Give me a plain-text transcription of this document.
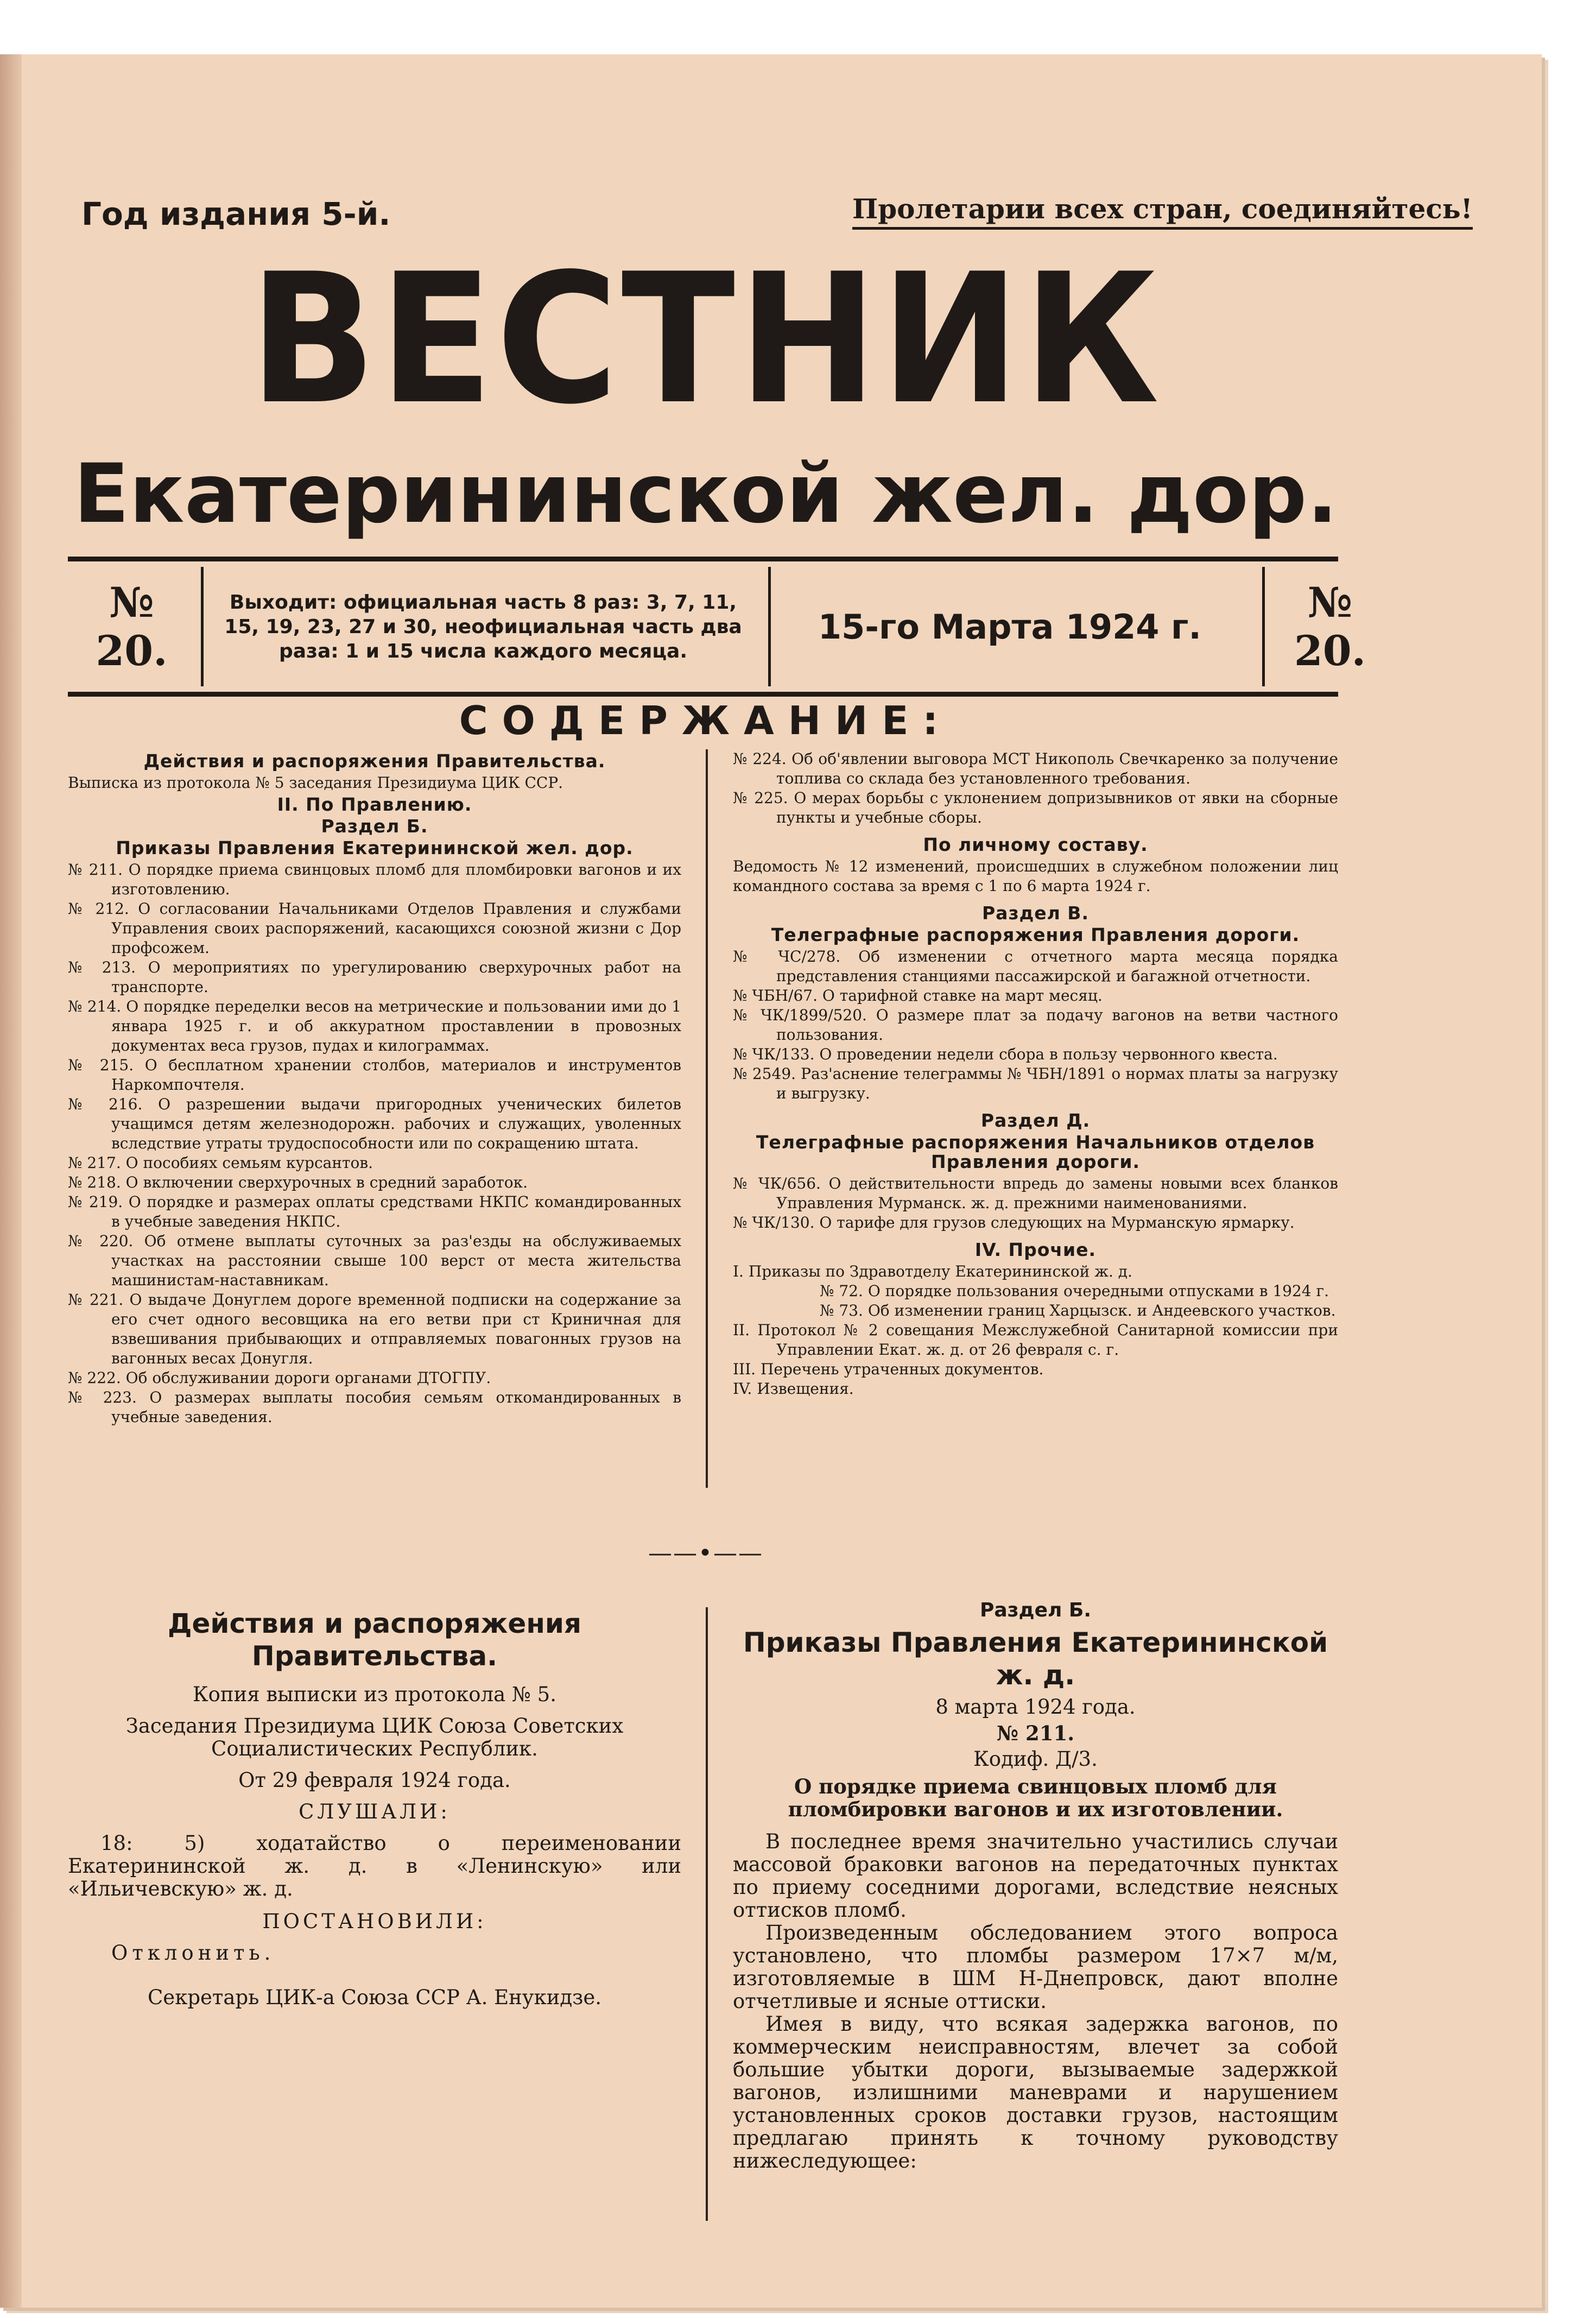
Год издания 5-й.	Пролетарии всех стран, соединяйтесь!
ВЕСТНИК
Екатерининской жел. дор.
№ 20.
Выходит: официальная часть 8 раз: 3, 7, 11, 15, 19, 23, 27 и 30, неофициальная часть два раза: 1 и 15 числа каждого месяца.
15-го Марта 1924 г.	№ 20.
СОДЕРЖАНИЕ:
Действия и распоряжения Правительства.
Выписка из протокола № 5 заседания Президиума ЦИК ССР.
II. По Правлению.
Раздел Б.
Приказы Правления Екатерининской жел. дор.
№ 211. О порядке приема свинцовых пломб для пломбировки вагонов и их изготовлению.
№ 212. О согласовании Начальниками Отделов Правления и службами Управления своих распоряжений, касающихся союзной жизни с Дор профсожем.
№ 213. О мероприятиях по урегулированию сверхурочных работ на транспорте.
№ 214. О порядке переделки весов на метрические и пользовании ими до 1 январа 1925 г. и об аккуратном проставлении в провозных документах веса грузов, пудах и килограммах.
№ 215. О бесплатном хранении столбов, материалов и инструментов Наркомпочтеля.
№ 216. О разрешении выдачи пригородных ученических билетов учащимся детям железнодорожн. рабочих и служащих, уволенных вследствие утраты трудоспособности или по сокращению штата.
№ 217. О пособиях семьям курсантов.
№ 218. О включении сверхурочных в средний заработок.
№ 219. О порядке и размерах оплаты средствами НКПС командированных в учебные заведения НКПС.
№ 220. Об отмене выплаты суточных за раз'езды на обслуживаемых участках на расстоянии свыше 100 верст от места жительства машинистам-наставникам.
№ 221. О выдаче Донуглем дороге временной подписки на содержание за его счет одного весовщика на его ветви при ст Криничная для взвешивания прибывающих и отправляемых повагонных грузов на вагонных весах Донугля.
№ 222. Об обслуживании дороги органами ДТОГПУ.
№ 223. О размерах выплаты пособия семьям откомандированных в учебные заведения.
№ 224. Об об'явлении выговора МСТ Никополь Свечкаренко за получение топлива со склада без установленного требования.
№ 225. О мерах борьбы с уклонением допризывников от явки на сборные пункты и учебные сборы.
По личному составу.
Ведомость № 12 изменений, происшедших в служебном положении лиц командного состава за время с 1 по 6 марта 1924 г.
Раздел В.
Телеграфные распоряжения Правления дороги.
№ ЧС/278. Об изменении с отчетного марта месяца порядка представления станциями пассажирской и багажной отчетности.
№ ЧБН/67. О тарифной ставке на март месяц.
№ ЧК/1899/520. О размере плат за подачу вагонов на ветви частного пользования.
№ ЧК/133. О проведении недели сбора в пользу червонного квеста.
№ 2549. Раз'аснение телеграммы № ЧБН/1891 о нормах платы за нагрузку и выгрузку.
Раздел Д.
Телеграфные распоряжения Начальников отделов Правления дороги.
№ ЧК/656. О действительности впредь до замены новыми всех бланков Управления Мурманск. ж. д. прежними наименованиями.
№ ЧК/130. О тарифе для грузов следующих на Мурманскую ярмарку.
IV. Прочие.
I. Приказы по Здравотделу Екатерининской ж. д.
№ 72. О порядке пользования очередными отпусками в 1924 г.
№ 73. Об изменении границ Харцызск. и Андеевского участков.
II. Протокол № 2 совещания Межслужебной Санитарной комиссии при Управлении Екат. ж. д. от 26 февраля с. г.
III. Перечень утраченных документов.
IV. Извещения.
——•——
Действия и распоряжения Правительства.
Копия выписки из протокола № 5.
Заседания Президиума ЦИК Союза Советских Социалистических Республик.
От 29 февраля 1924 года.
СЛУШАЛИ:
18: 5) ходатайство о переименовании Екатерининской ж. д. в «Ленинскую» или «Ильичевскую» ж. д.
ПОСТАНОВИЛИ:
Отклонить.
Секретарь ЦИК-а Союза ССР А. Енукидзе.
Раздел Б.
Приказы Правления Екатерининской ж. д.
8 марта 1924 года.
№ 211.
Кодиф. Д/3.
О порядке приема свинцовых пломб для пломбировки вагонов и их изготовлении.
В последнее время значительно участились случаи массовой браковки вагонов на передаточных пунктах по приему соседними дорогами, вследствие неясных оттисков пломб.
Произведенным обследованием этого вопроса установлено, что пломбы размером 17×7 м/м, изготовляемые в ШМ Н-Днепровск, дают вполне отчетливые и ясные оттиски.
Имея в виду, что всякая задержка вагонов, по коммерческим неисправностям, влечет за собой большие убытки дороги, вызываемые задержкой вагонов, излишними маневрами и нарушением установленных сроков доставки грузов, настоящим предлагаю принять к точному руководству нижеследующее:
